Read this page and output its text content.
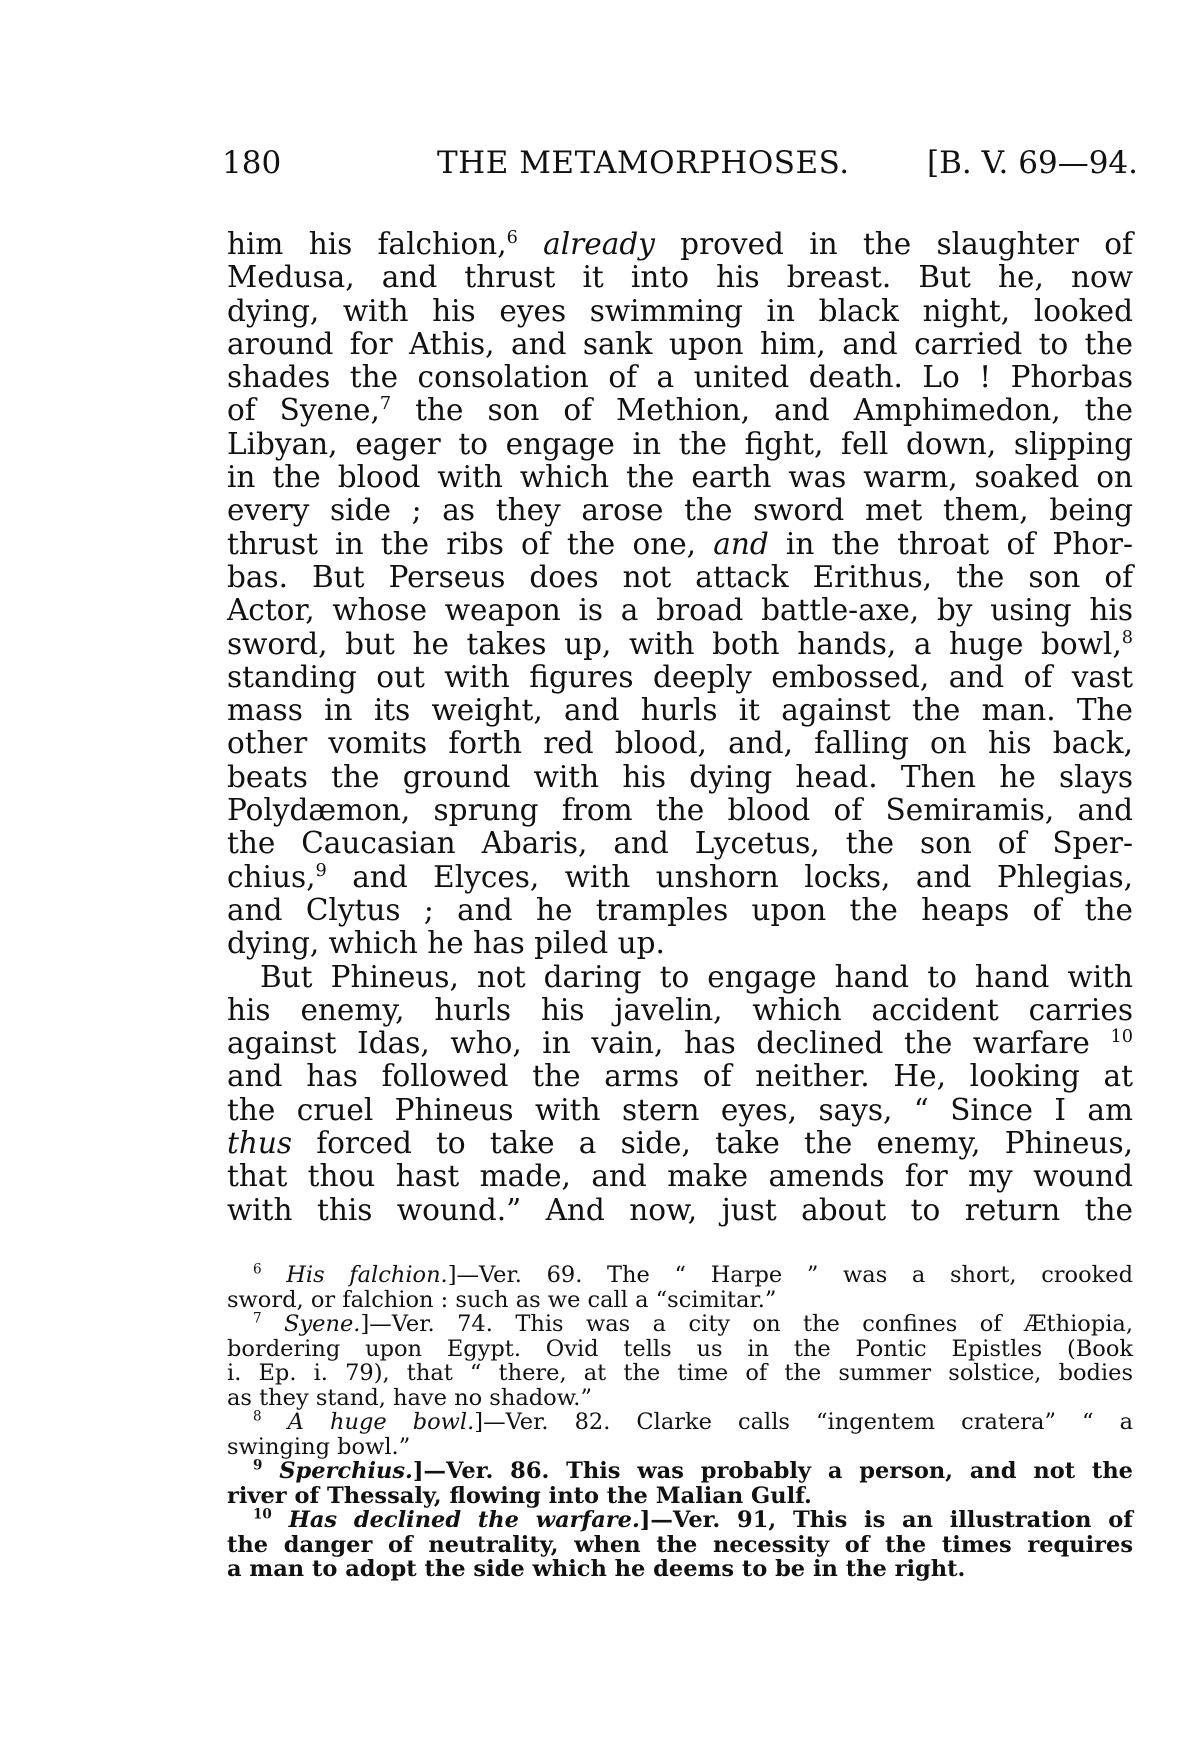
180	THE METAMORPHOSES. [B. V. 69—94.

him his falchion,$^6$ already proved in the slaughter of
Medusa, and thrust it into his breast. But he, now
dying, with his eyes swimming in black night, looked
around for Athis, and sank upon him, and carried to the
shades the consolation of a united death. Lo ! Phorbas
of Syene,$^7$ the son of Methion, and Amphimedon, the
Libyan, eager to engage in the fight, fell down, slipping
in the blood with which the earth was warm, soaked on
every side ; as they arose the sword met them, being
thrust in the ribs of the one, and in the throat of Phor-
bas. But Perseus does not attack Erithus, the son of
Actor, whose weapon is a broad battle-axe, by using his
sword, but he takes up, with both hands, a huge bowl,$^8$
standing out with figures deeply embossed, and of vast
mass in its weight, and hurls it against the man. The
other vomits forth red blood, and, falling on his back,
beats the ground with his dying head. Then he slays
Polydæmon, sprung from the blood of Semiramis, and
the Caucasian Abaris, and Lycetus, the son of Sper-
chius,$^9$ and Elyces, with unshorn locks, and Phlegias,
and Clytus ; and he tramples upon the heaps of the
dying, which he has piled up.

But Phineus, not daring to engage hand to hand with
his enemy, hurls his javelin, which accident carries
against Idas, who, in vain, has declined the warfare $^{10}$
and has followed the arms of neither. He, looking at
the cruel Phineus with stern eyes, says, “ Since I am
thus forced to take a side, take the enemy, Phineus,
that thou hast made, and make amends for my wound
with this wound.” And now, just about to return the

$^6$ His falchion.]—Ver. 69. The “ Harpe ” was a short, crooked
sword, or falchion : such as we call a “scimitar.”
$^7$ Syene.]—Ver. 74. This was a city on the confines of Æthiopia,
bordering upon Egypt. Ovid tells us in the Pontic Epistles (Book
i. Ep. i. 79), that “ there, at the time of the summer solstice, bodies
as they stand, have no shadow.”
$^8$ A huge bowl.]—Ver. 82. Clarke calls “ingentem cratera” “ a
swinging bowl.”
$^9$ Sperchius.]—Ver. 86. This was probably a person, and not the
river of Thessaly, flowing into the Malian Gulf.
$^{10}$ Has declined the warfare.]—Ver. 91, This is an illustration of
the danger of neutrality, when the necessity of the times requires
a man to adopt the side which he deems to be in the right.
